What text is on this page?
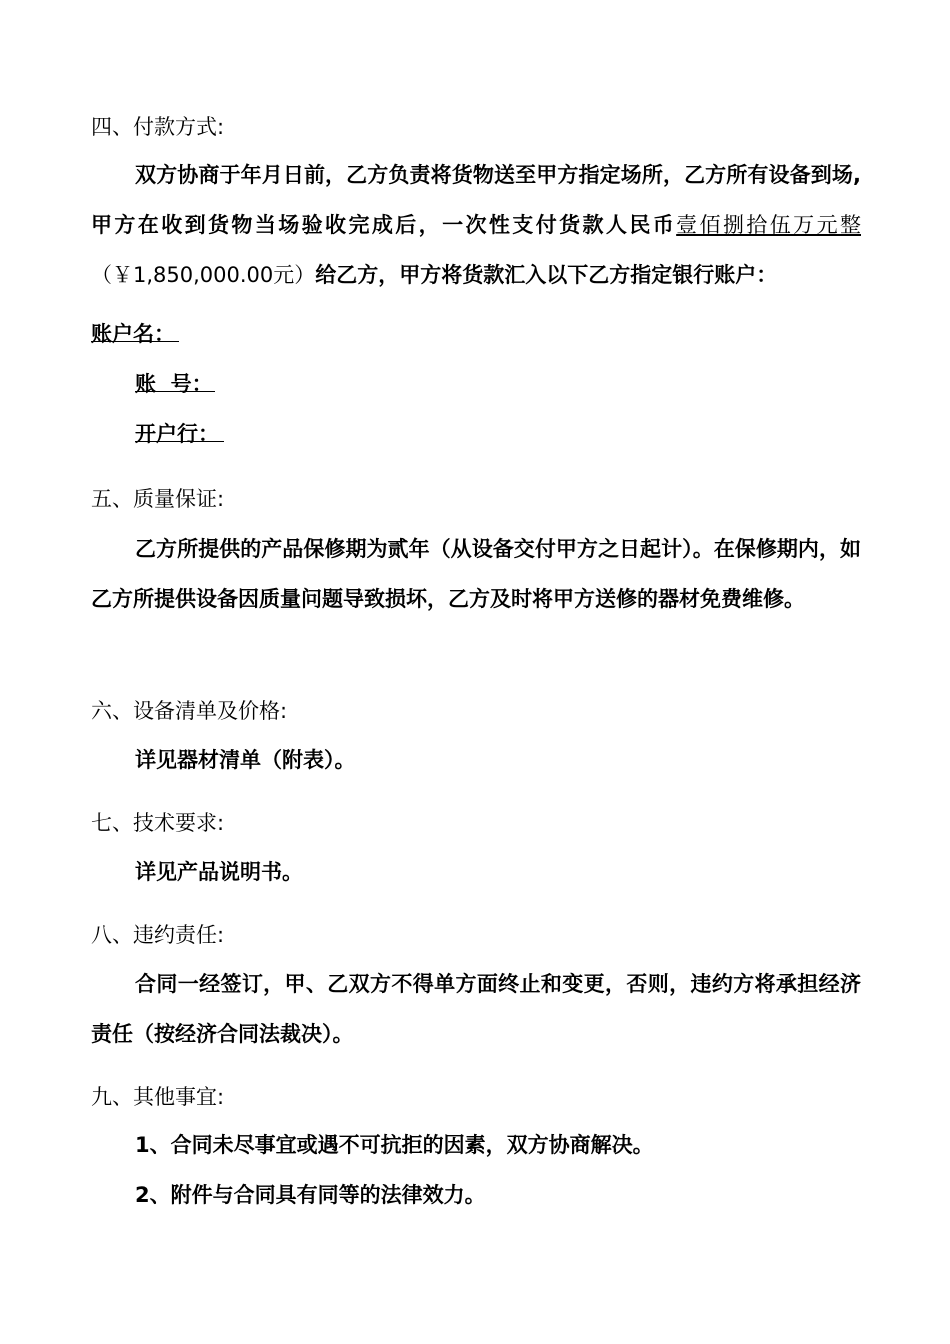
四、付款方式:

双方协商于年月日前，乙方负责将货物送至甲方指定场所，乙方所有设备到场,甲方在收到货物当场验收完成后，一次性支付货款人民币壹佰捌拾伍万元整（￥1,850,000.00元）给乙方，甲方将货款汇入以下乙方指定银行账户：

账户名：
账  号：
开户行：
五、质量保证:

乙方所提供的产品保修期为贰年（从设备交付甲方之日起计）。在保修期内，如乙方所提供设备因质量问题导致损坏，乙方及时将甲方送修的器材免费维修。

六、设备清单及价格:

详见器材清单（附表）。

七、技术要求:

详见产品说明书。

八、违约责任:

合同一经签订，甲、乙双方不得单方面终止和变更，否则，违约方将承担经济责任（按经济合同法裁决）。

九、其他事宜:
1、合同未尽事宜或遇不可抗拒的因素，双方协商解决。
2、附件与合同具有同等的法律效力。
